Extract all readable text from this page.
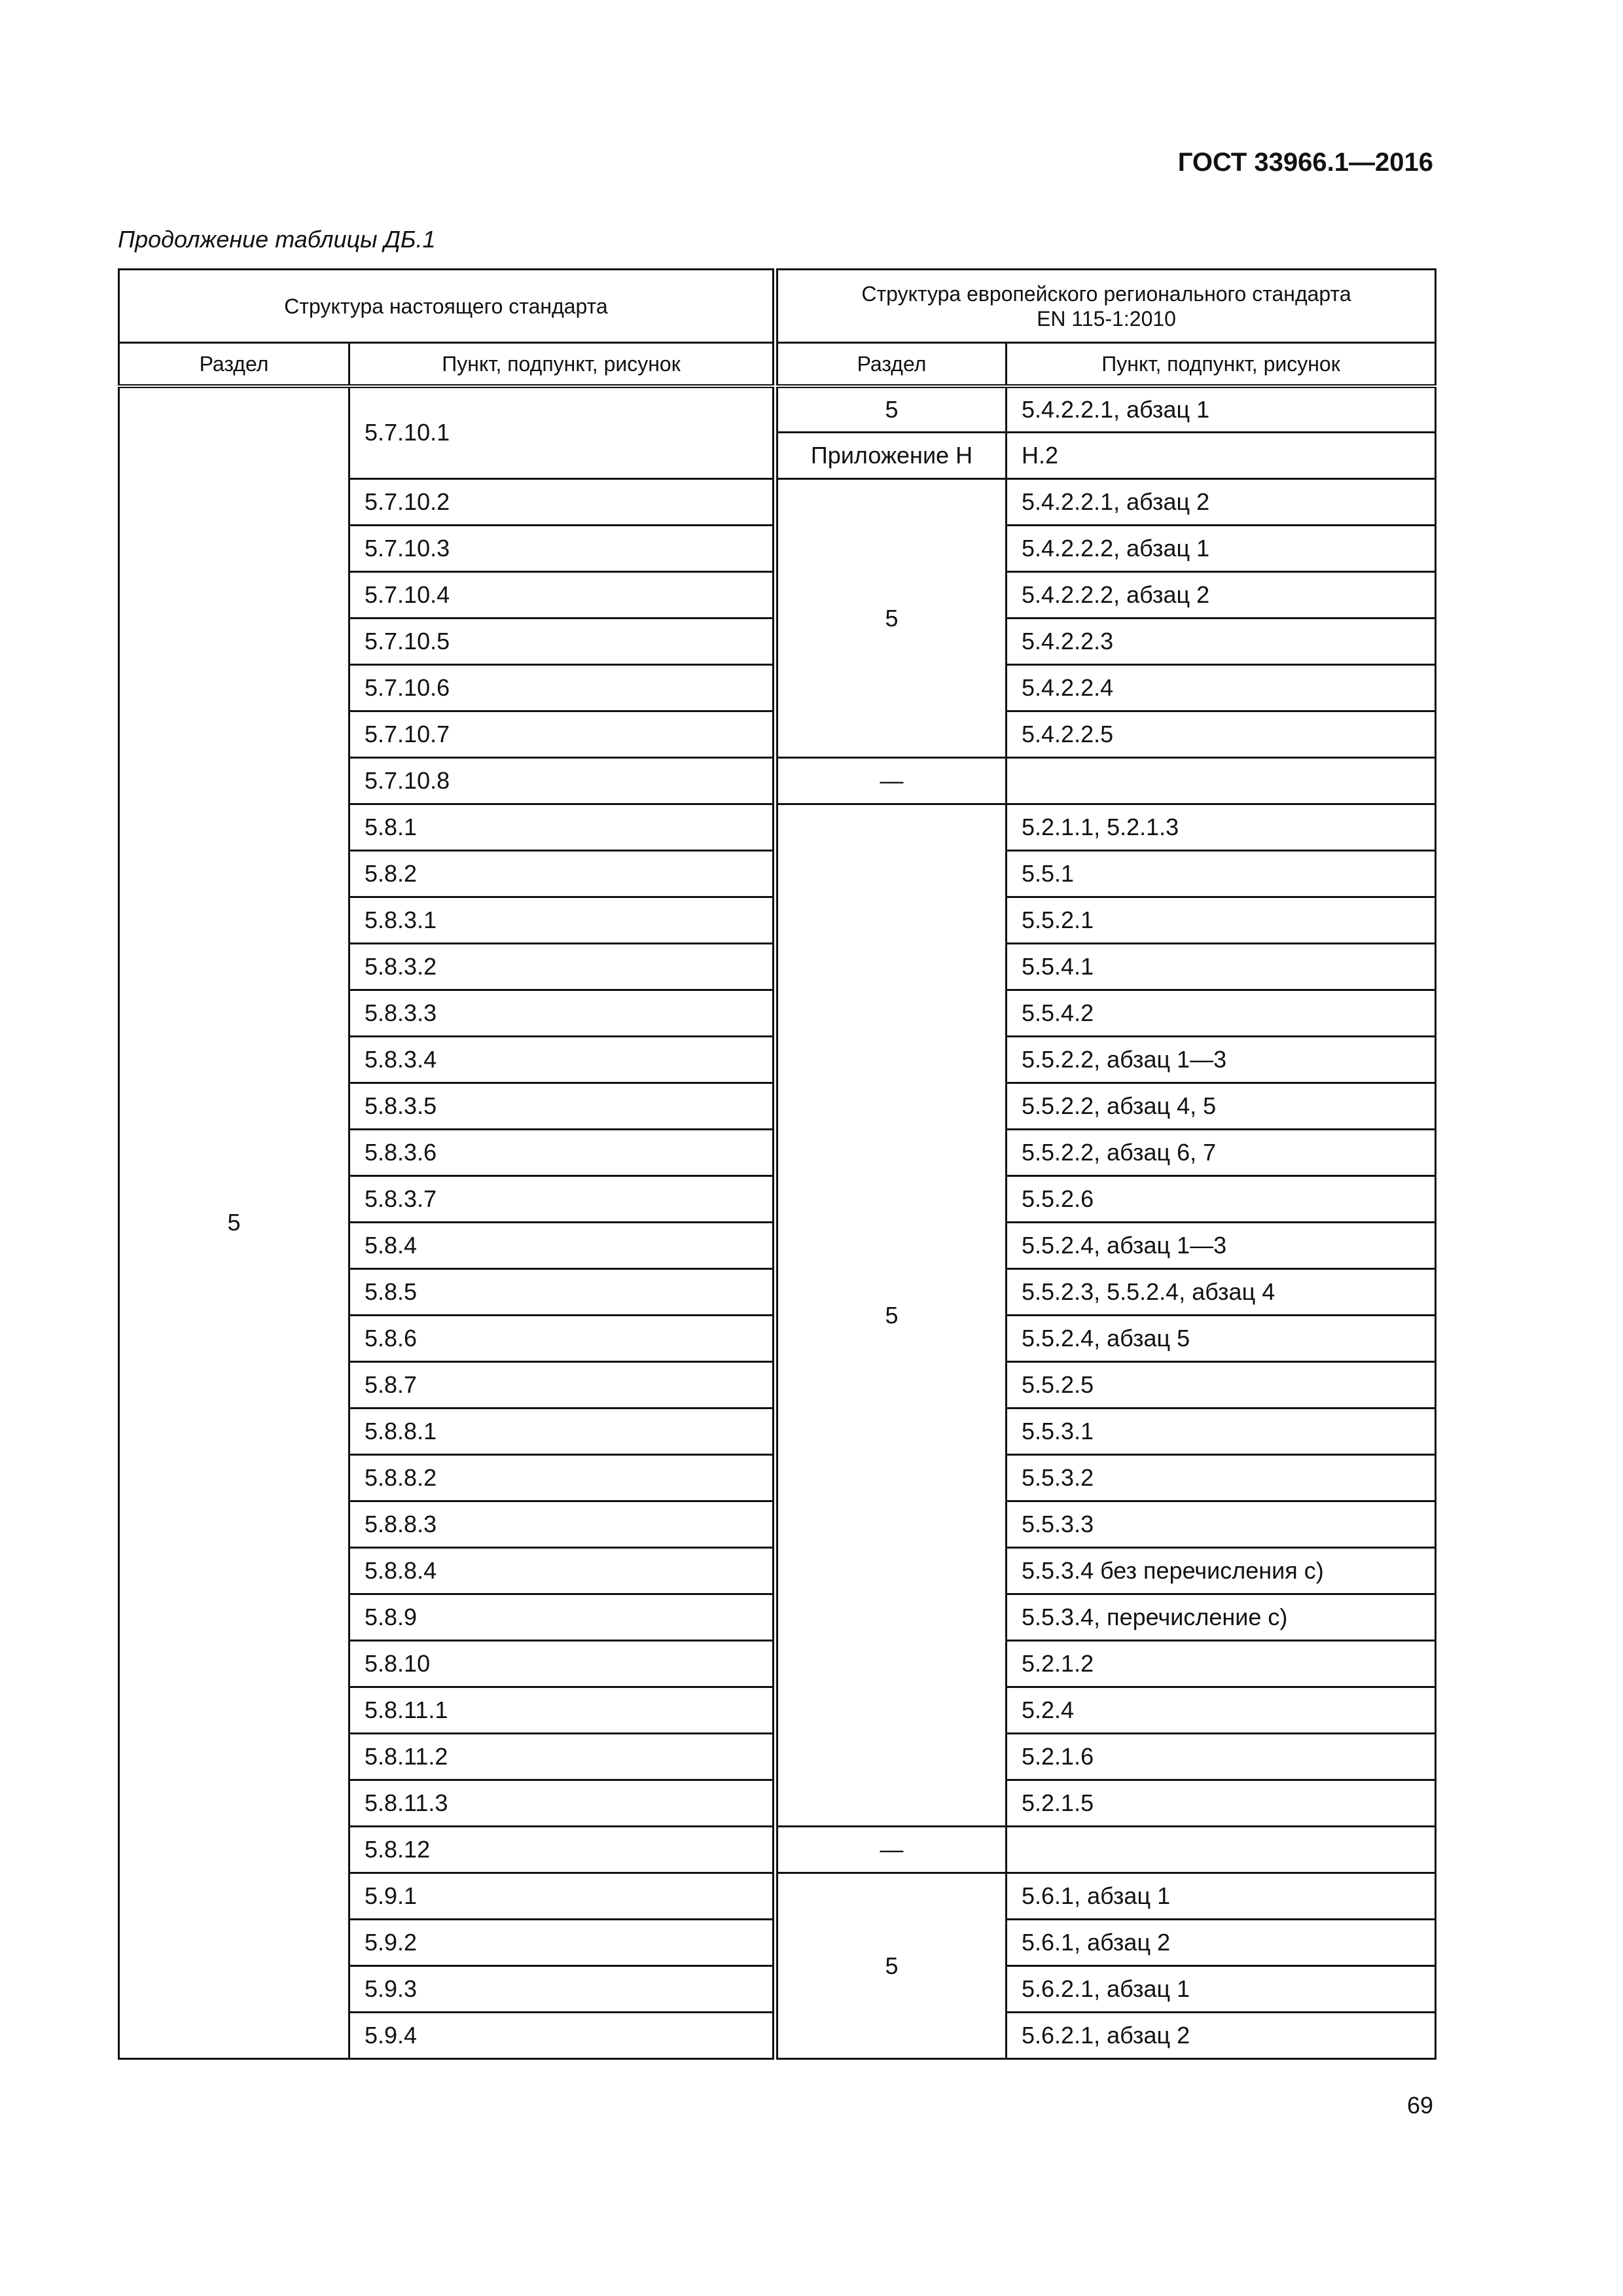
ГОСТ 33966.1—2016
Продолжение таблицы ДБ.1
Структура настоящего стандарта			Структура европейского регионального стандарта
EN 115-1:2010	
Раздел	Пункт, подпункт, рисунок		Раздел	Пункт, подпункт, рисунок
5	5.7.10.1		5	5.4.2.2.1, абзац 1
			Приложение Н	Н.2
	5.7.10.2		5	5.4.2.2.1, абзац 2
	5.7.10.3			5.4.2.2.2, абзац 1
	5.7.10.4			5.4.2.2.2, абзац 2
	5.7.10.5			5.4.2.2.3
	5.7.10.6			5.4.2.2.4
	5.7.10.7			5.4.2.2.5
	5.7.10.8		—	
	5.8.1		5	5.2.1.1, 5.2.1.3
	5.8.2			5.5.1
	5.8.3.1			5.5.2.1
	5.8.3.2			5.5.4.1
	5.8.3.3			5.5.4.2
	5.8.3.4			5.5.2.2, абзац 1—3
	5.8.3.5			5.5.2.2, абзац 4, 5
	5.8.3.6			5.5.2.2, абзац 6, 7
	5.8.3.7			5.5.2.6
	5.8.4			5.5.2.4, абзац 1—3
	5.8.5			5.5.2.3, 5.5.2.4, абзац 4
	5.8.6			5.5.2.4, абзац 5
	5.8.7			5.5.2.5
	5.8.8.1			5.5.3.1
	5.8.8.2			5.5.3.2
	5.8.8.3			5.5.3.3
	5.8.8.4			5.5.3.4 без перечисления с)
	5.8.9			5.5.3.4, перечисление с)
	5.8.10			5.2.1.2
	5.8.11.1			5.2.4
	5.8.11.2			5.2.1.6
	5.8.11.3			5.2.1.5
	5.8.12		—	
	5.9.1		5	5.6.1, абзац 1
	5.9.2			5.6.1, абзац 2
	5.9.3			5.6.2.1, абзац 1
	5.9.4			5.6.2.1, абзац 2
69
